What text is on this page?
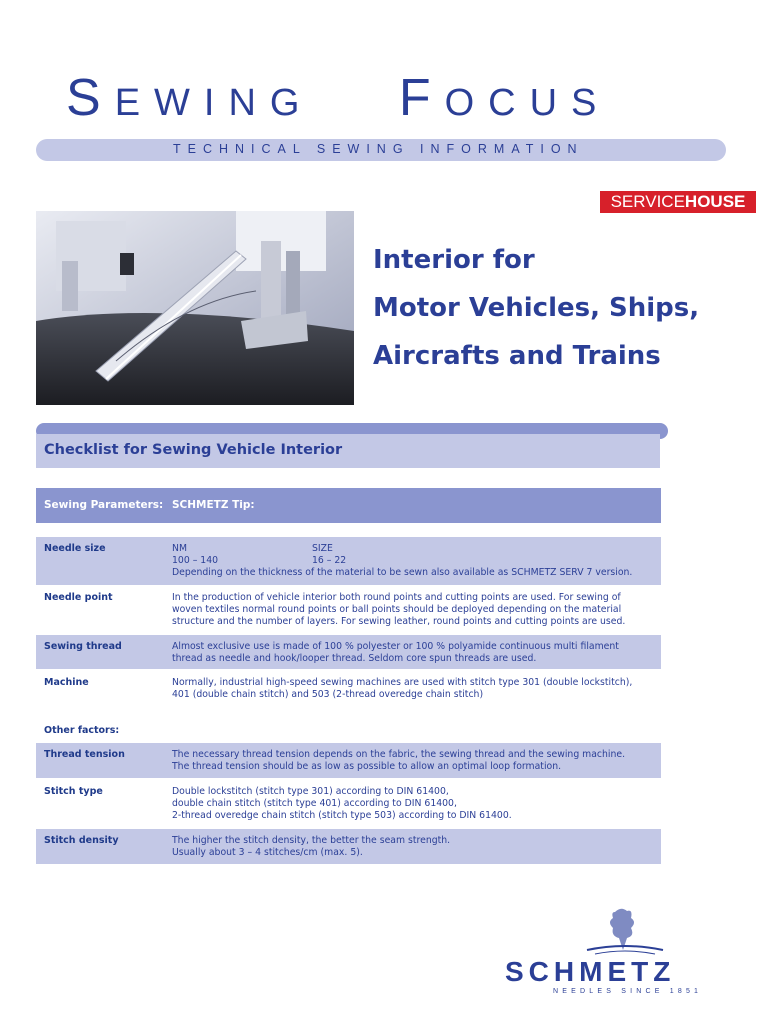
SEWING FOCUS
TECHNICAL SEWING INFORMATION
SERVICEHOUSE
Interior for
Motor Vehicles, Ships,
Aircrafts and Trains
Checklist for Sewing Vehicle Interior
Sewing Parameters: SCHMETZ Tip:
Needle size	NM	SIZE
100 – 140	16 – 22
Depending on the thickness of the material to be sewn also available as SCHMETZ SERV 7 version.
Needle point	In the production of vehicle interior both round points and cutting points are used. For sewing of
woven textiles normal round points or ball points should be deployed depending on the material
structure and the number of layers. For sewing leather, round points and cutting points are used.
Sewing thread	Almost exclusive use is made of 100 % polyester or 100 % polyamide continuous multi filament
thread as needle and hook/looper thread. Seldom core spun threads are used.
Machine	Normally, industrial high-speed sewing machines are used with stitch type 301 (double lockstitch),
401 (double chain stitch) and 503 (2-thread overedge chain stitch)
Other factors:
Thread tension	The necessary thread tension depends on the fabric, the sewing thread and the sewing machine.
The thread tension should be as low as possible to allow an optimal loop formation.
Stitch type	Double lockstitch (stitch type 301) according to DIN 61400,
double chain stitch (stitch type 401) according to DIN 61400,
2-thread overedge chain stitch (stitch type 503) according to DIN 61400.
Stitch density	The higher the stitch density, the better the seam strength.
Usually about 3 – 4 stitches/cm (max. 5).
SCHMETZ
NEEDLES SINCE 1851
